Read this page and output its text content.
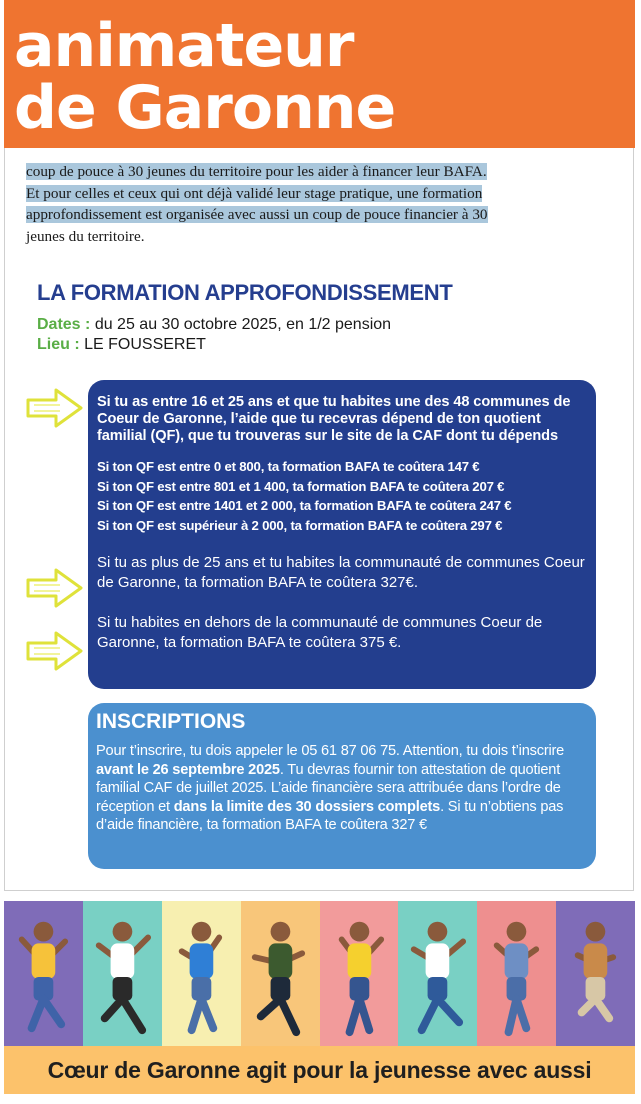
animateur
de Garonne
coup de pouce à 30 jeunes du territoire pour les aider à financer leur BAFA.
Et pour celles et ceux qui ont déjà validé leur stage pratique, une formation
approfondissement est organisée avec aussi un coup de pouce financier à 30
jeunes du territoire.
LA FORMATION APPROFONDISSEMENT
Dates : du 25 au 30 octobre 2025, en 1/2 pension
Lieu : LE FOUSSERET
Si tu as entre 16 et 25 ans et que tu habites une des 48 communes de Coeur de Garonne, l’aide que tu recevras dépend de ton quotient familial (QF), que tu trouveras sur le site de la CAF dont tu dépends
Si ton QF est entre 0 et 800, ta formation BAFA te coûtera 147 €
Si ton QF est entre 801 et 1 400, ta formation BAFA te coûtera 207 €
Si ton QF est entre 1401 et 2 000, ta formation BAFA te coûtera 247 €
Si ton QF est supérieur à 2 000, ta formation BAFA te coûtera 297 €
Si tu as plus de 25 ans et tu habites la communauté de communes Coeur de Garonne, ta formation BAFA te coûtera 327€.
Si tu habites en dehors de la communauté de communes Coeur de Garonne, ta formation BAFA te coûtera 375 €.
INSCRIPTIONS
Pour t’inscrire, tu dois appeler le 05 61 87 06 75. Attention, tu dois t’inscrire avant le 26 septembre 2025. Tu devras fournir ton attestation de quotient familial CAF de juillet 2025. L’aide financière sera attribuée dans l’ordre de réception et dans la limite des 30 dossiers complets. Si tu n’obtiens pas d’aide financière, ta formation BAFA te coûtera 327 €
Cœur de Garonne agit pour la jeunesse avec aussi
